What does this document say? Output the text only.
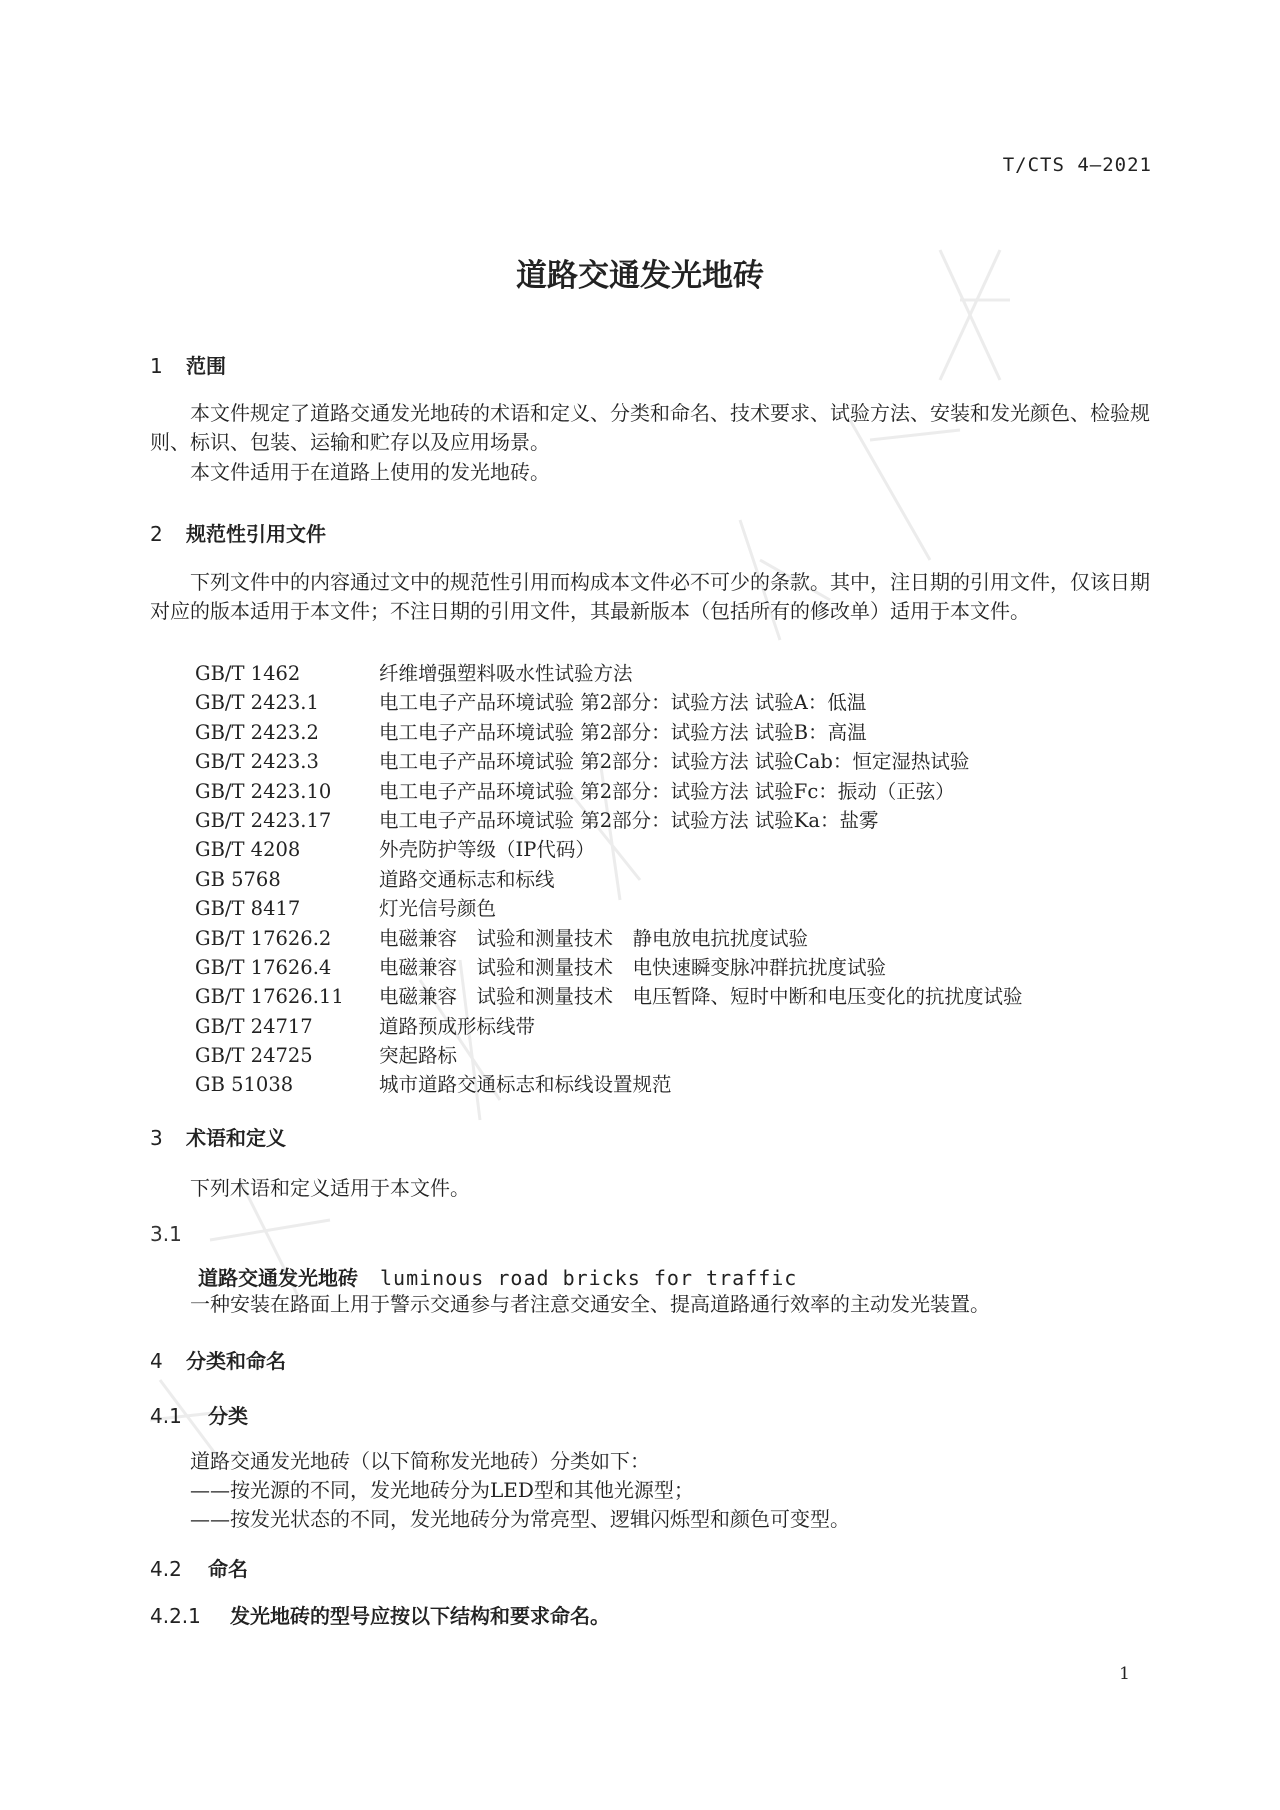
T/CTS 4—2021
道路交通发光地砖
1 范围
本文件规定了道路交通发光地砖的术语和定义、分类和命名、技术要求、试验方法、安装和发光颜色、检验规则、标识、包装、运输和贮存以及应用场景。
本文件适用于在道路上使用的发光地砖。
2 规范性引用文件
下列文件中的内容通过文中的规范性引用而构成本文件必不可少的条款。其中，注日期的引用文件，仅该日期对应的版本适用于本文件；不注日期的引用文件，其最新版本（包括所有的修改单）适用于本文件。
GB/T 1462	纤维增强塑料吸水性试验方法
GB/T 2423.1	电工电子产品环境试验 第2部分：试验方法 试验A：低温
GB/T 2423.2	电工电子产品环境试验 第2部分：试验方法 试验B：高温
GB/T 2423.3	电工电子产品环境试验 第2部分：试验方法 试验Cab：恒定湿热试验
GB/T 2423.10 电工电子产品环境试验 第2部分：试验方法 试验Fc：振动（正弦）
GB/T 2423.17 电工电子产品环境试验 第2部分：试验方法 试验Ka：盐雾
GB/T 4208	外壳防护等级（IP代码）
GB 5768	道路交通标志和标线
GB/T 8417	灯光信号颜色
GB/T 17626.2 电磁兼容　试验和测量技术　静电放电抗扰度试验
GB/T 17626.4 电磁兼容　试验和测量技术　电快速瞬变脉冲群抗扰度试验
GB/T 17626.11 电磁兼容　试验和测量技术　电压暂降、短时中断和电压变化的抗扰度试验
GB/T 24717	道路预成形标线带
GB/T 24725	突起路标
GB 51038	城市道路交通标志和标线设置规范
3 术语和定义
下列术语和定义适用于本文件。
3.1
道路交通发光地砖 luminous road bricks for traffic
一种安装在路面上用于警示交通参与者注意交通安全、提高道路通行效率的主动发光装置。
4 分类和命名
4.1 分类
道路交通发光地砖（以下简称发光地砖）分类如下：
——按光源的不同，发光地砖分为LED型和其他光源型；
——按发光状态的不同，发光地砖分为常亮型、逻辑闪烁型和颜色可变型。
4.2 命名
4.2.1 发光地砖的型号应按以下结构和要求命名。
1
